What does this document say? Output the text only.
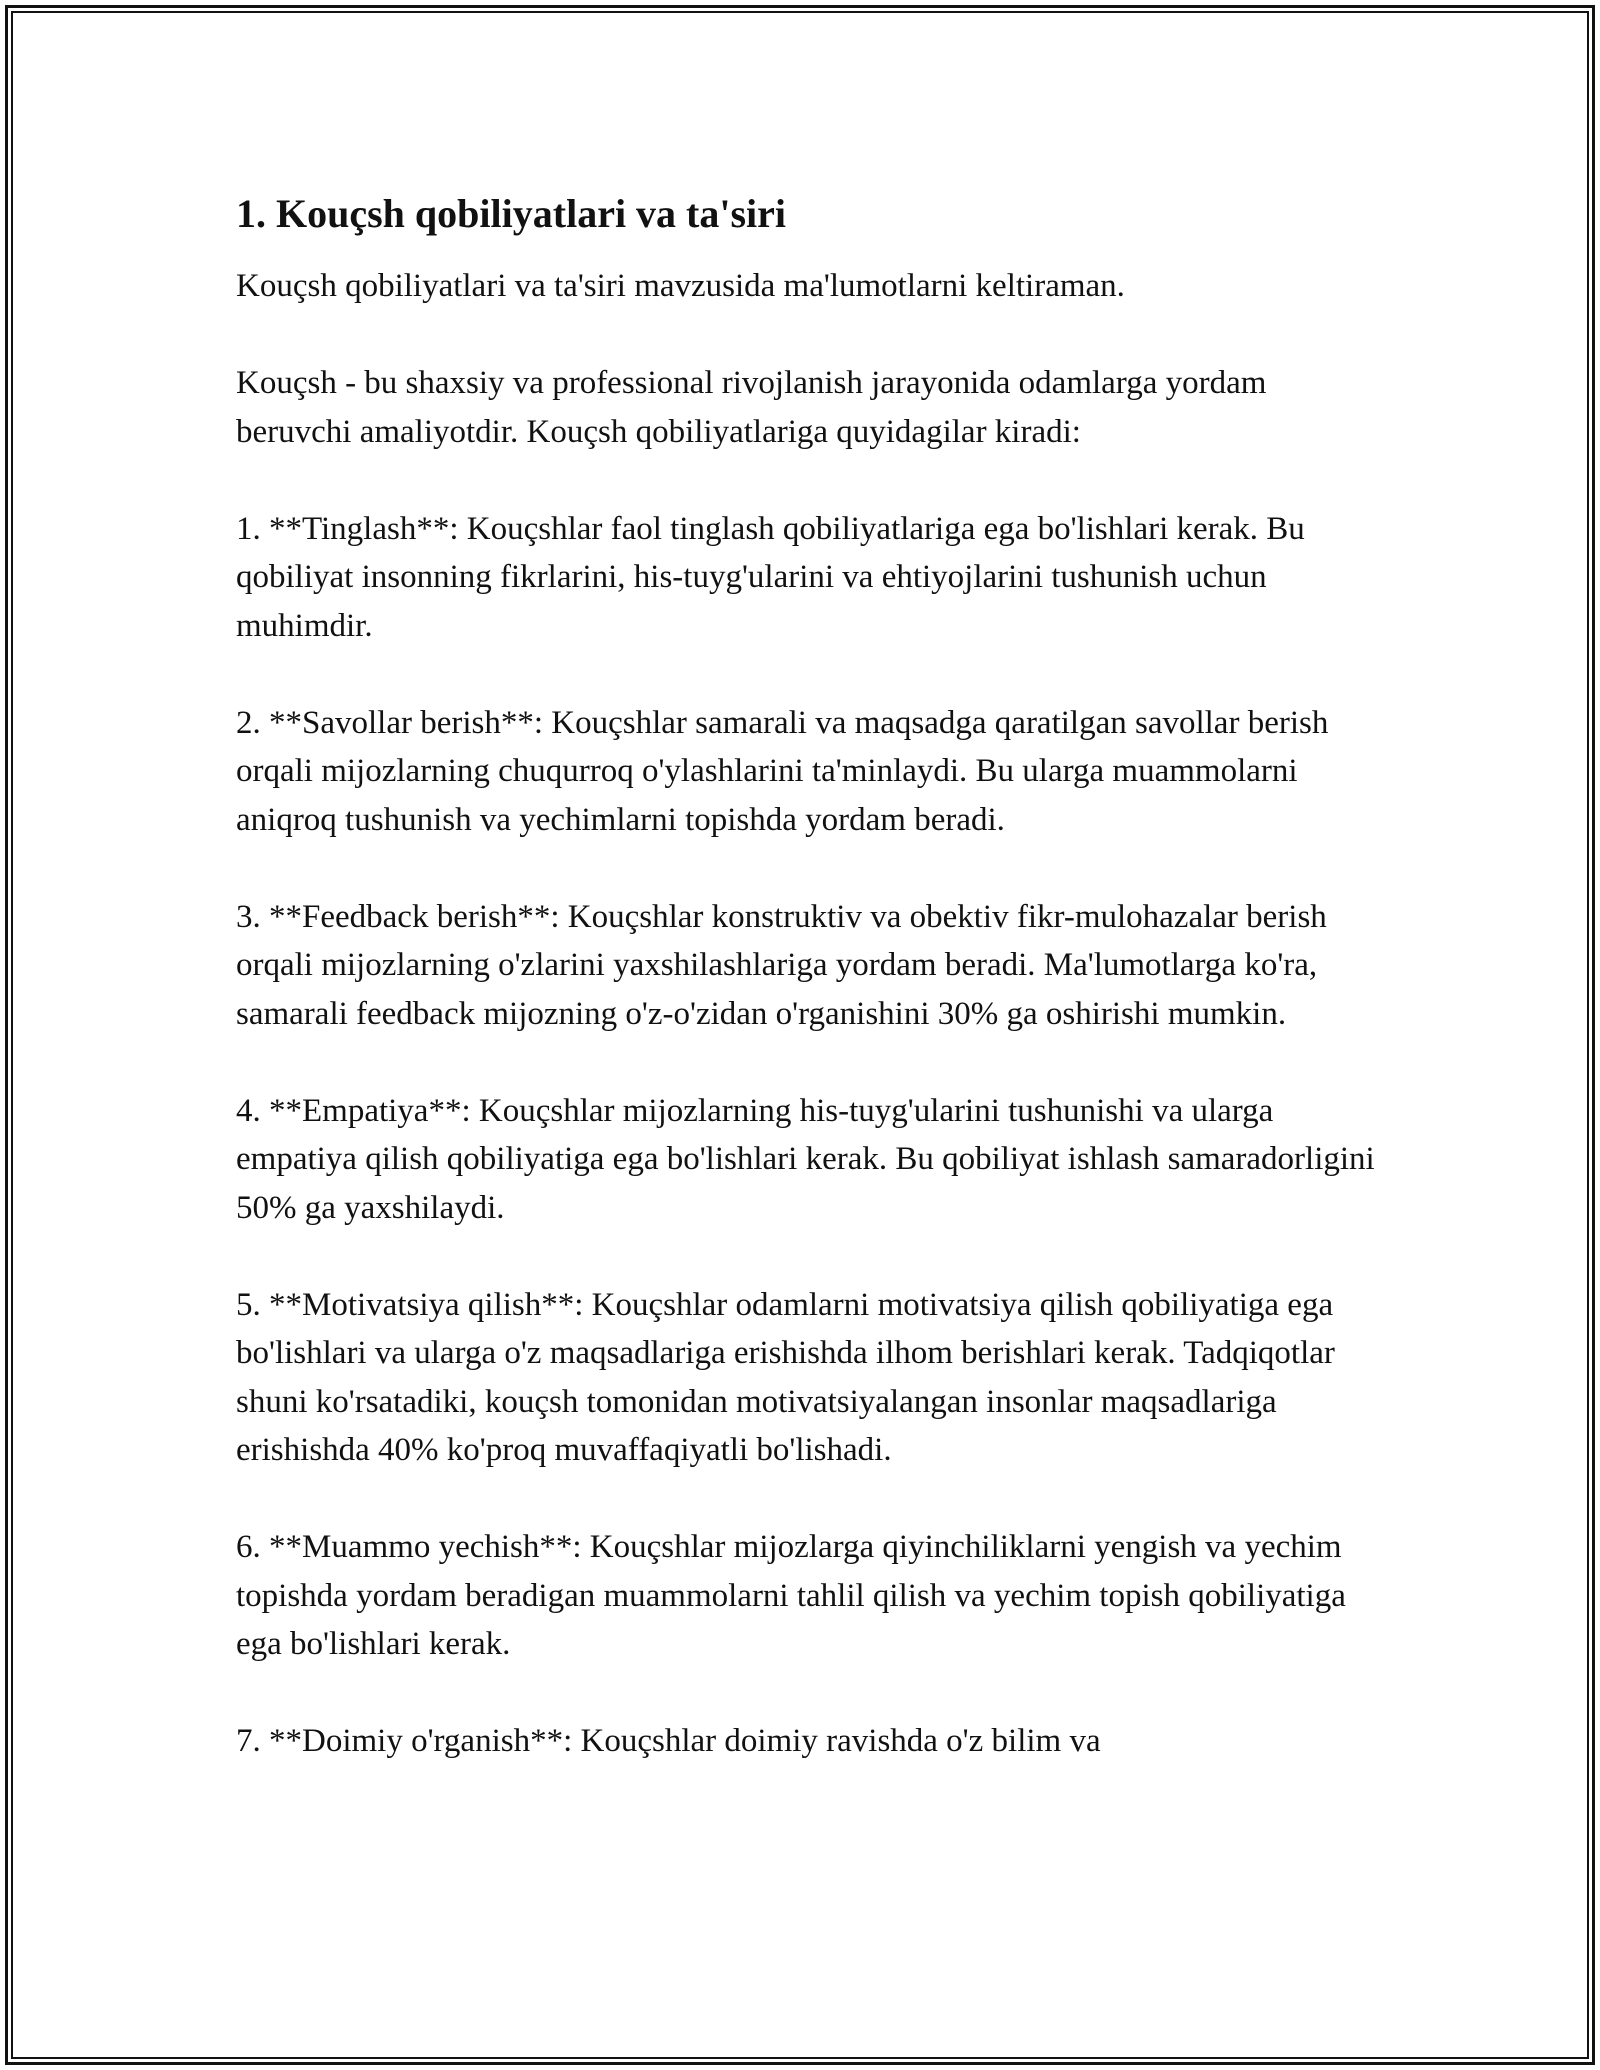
1. Kouçsh qobiliyatlari va ta'siri

Kouçsh qobiliyatlari va ta'siri mavzusida ma'lumotlarni keltiraman.

Kouçsh - bu shaxsiy va professional rivojlanish jarayonida odamlarga yordam beruvchi amaliyotdir. Kouçsh qobiliyatlariga quyidagilar kiradi:

1. **Tinglash**: Kouçshlar faol tinglash qobiliyatlariga ega bo'lishlari kerak. Bu qobiliyat insonning fikrlarini, his-tuyg'ularini va ehtiyojlarini tushunish uchun muhimdir.

2. **Savollar berish**: Kouçshlar samarali va maqsadga qaratilgan savollar berish orqali mijozlarning chuqurroq o'ylashlarini ta'minlaydi. Bu ularga muammolarni aniqroq tushunish va yechimlarni topishda yordam beradi.

3. **Feedback berish**: Kouçshlar konstruktiv va obektiv fikr-mulohazalar berish orqali mijozlarning o'zlarini yaxshilashlariga yordam beradi. Ma'lumotlarga ko'ra, samarali feedback mijozning o'z-o'zidan o'rganishini 30% ga oshirishi mumkin.

4. **Empatiya**: Kouçshlar mijozlarning his-tuyg'ularini tushunishi va ularga empatiya qilish qobiliyatiga ega bo'lishlari kerak. Bu qobiliyat ishlash samaradorligini 50% ga yaxshilaydi.

5. **Motivatsiya qilish**: Kouçshlar odamlarni motivatsiya qilish qobiliyatiga ega bo'lishlari va ularga o'z maqsadlariga erishishda ilhom berishlari kerak. Tadqiqotlar shuni ko'rsatadiki, kouçsh tomonidan motivatsiyalangan insonlar maqsadlariga erishishda 40% ko'proq muvaffaqiyatli bo'lishadi.

6. **Muammo yechish**: Kouçshlar mijozlarga qiyinchiliklarni yengish va yechim topishda yordam beradigan muammolarni tahlil qilish va yechim topish qobiliyatiga ega bo'lishlari kerak.

7. **Doimiy o'rganish**: Kouçshlar doimiy ravishda o'z bilim va
